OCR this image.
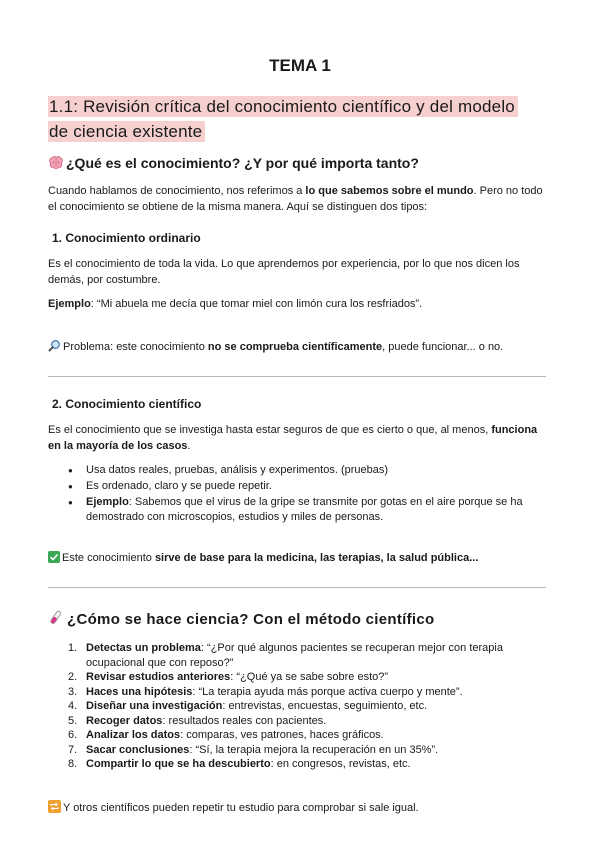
TEMA 1
1.1: Revisión crítica del conocimiento científico y del modelo
de ciencia existente
¿Qué es el conocimiento? ¿Y por qué importa tanto?
Cuando hablamos de conocimiento, nos referimos a lo que sabemos sobre el mundo. Pero no todo
el conocimiento se obtiene de la misma manera. Aquí se distinguen dos tipos:
1. Conocimiento ordinario
Es el conocimiento de toda la vida. Lo que aprendemos por experiencia, por lo que nos dicen los
demás, por costumbre.
Ejemplo: “Mi abuela me decía que tomar miel con limón cura los resfriados”.
Problema: este conocimiento no se comprueba científicamente, puede funcionar... o no.
2. Conocimiento científico
Es el conocimiento que se investiga hasta estar seguros de que es cierto o que, al menos, funciona
en la mayoría de los casos.
● Usa datos reales, pruebas, análisis y experimentos. (pruebas)
● Es ordenado, claro y se puede repetir.
● Ejemplo: Sabemos que el virus de la gripe se transmite por gotas en el aire porque se ha
demostrado con microscopios, estudios y miles de personas.
Este conocimiento sirve de base para la medicina, las terapias, la salud pública...
¿Cómo se hace ciencia? Con el método científico
1. Detectas un problema: “¿Por qué algunos pacientes se recuperan mejor con terapia
ocupacional que con reposo?”
2. Revisar estudios anteriores: “¿Qué ya se sabe sobre esto?”
3. Haces una hipótesis: “La terapia ayuda más porque activa cuerpo y mente”.
4. Diseñar una investigación: entrevistas, encuestas, seguimiento, etc.
5. Recoger datos: resultados reales con pacientes.
6. Analizar los datos: comparas, ves patrones, haces gráficos.
7. Sacar conclusiones: “Sí, la terapia mejora la recuperación en un 35%”.
8. Compartir lo que se ha descubierto: en congresos, revistas, etc.
Y otros científicos pueden repetir tu estudio para comprobar si sale igual.
